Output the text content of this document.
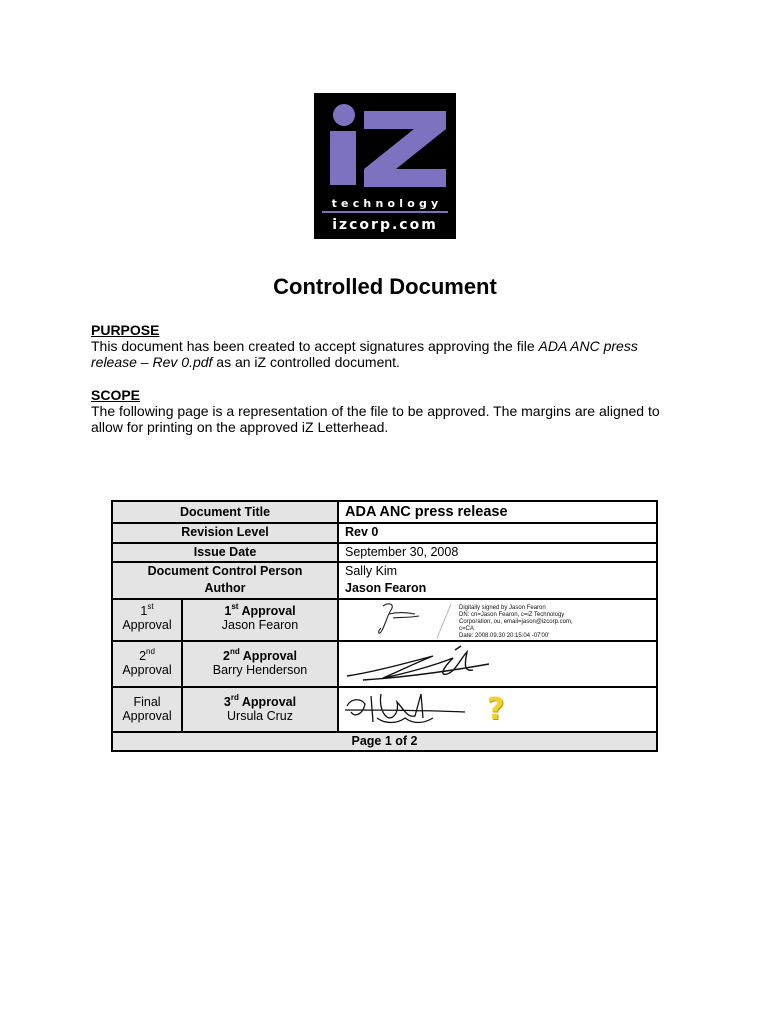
technology
izcorp.com
Controlled Document
PURPOSE
This document has been created to accept signatures approving the file ADA ANC press release – Rev 0.pdf as an iZ controlled document.
SCOPE
The following page is a representation of the file to be approved. The margins are aligned to allow for printing on the approved iZ Letterhead.
Document Title
Revision Level
Issue Date
Document Control Person
Author
ADA ANC press release
Rev 0
September 30, 2008
Sally Kim
Jason Fearon
1st
Approval
1st Approval
Jason Fearon
2nd
Approval
2nd Approval
Barry Henderson
Final
Approval
3rd Approval
Ursula Cruz
Digitally signed by Jason Fearon
DN: cn=Jason Fearon, c=iZ Technology
Corporation, ou, email=jason@izcorp.com, c=CA
Date: 2008.09.30 20:15:04 -07'00'
?
Page 1 of 2
